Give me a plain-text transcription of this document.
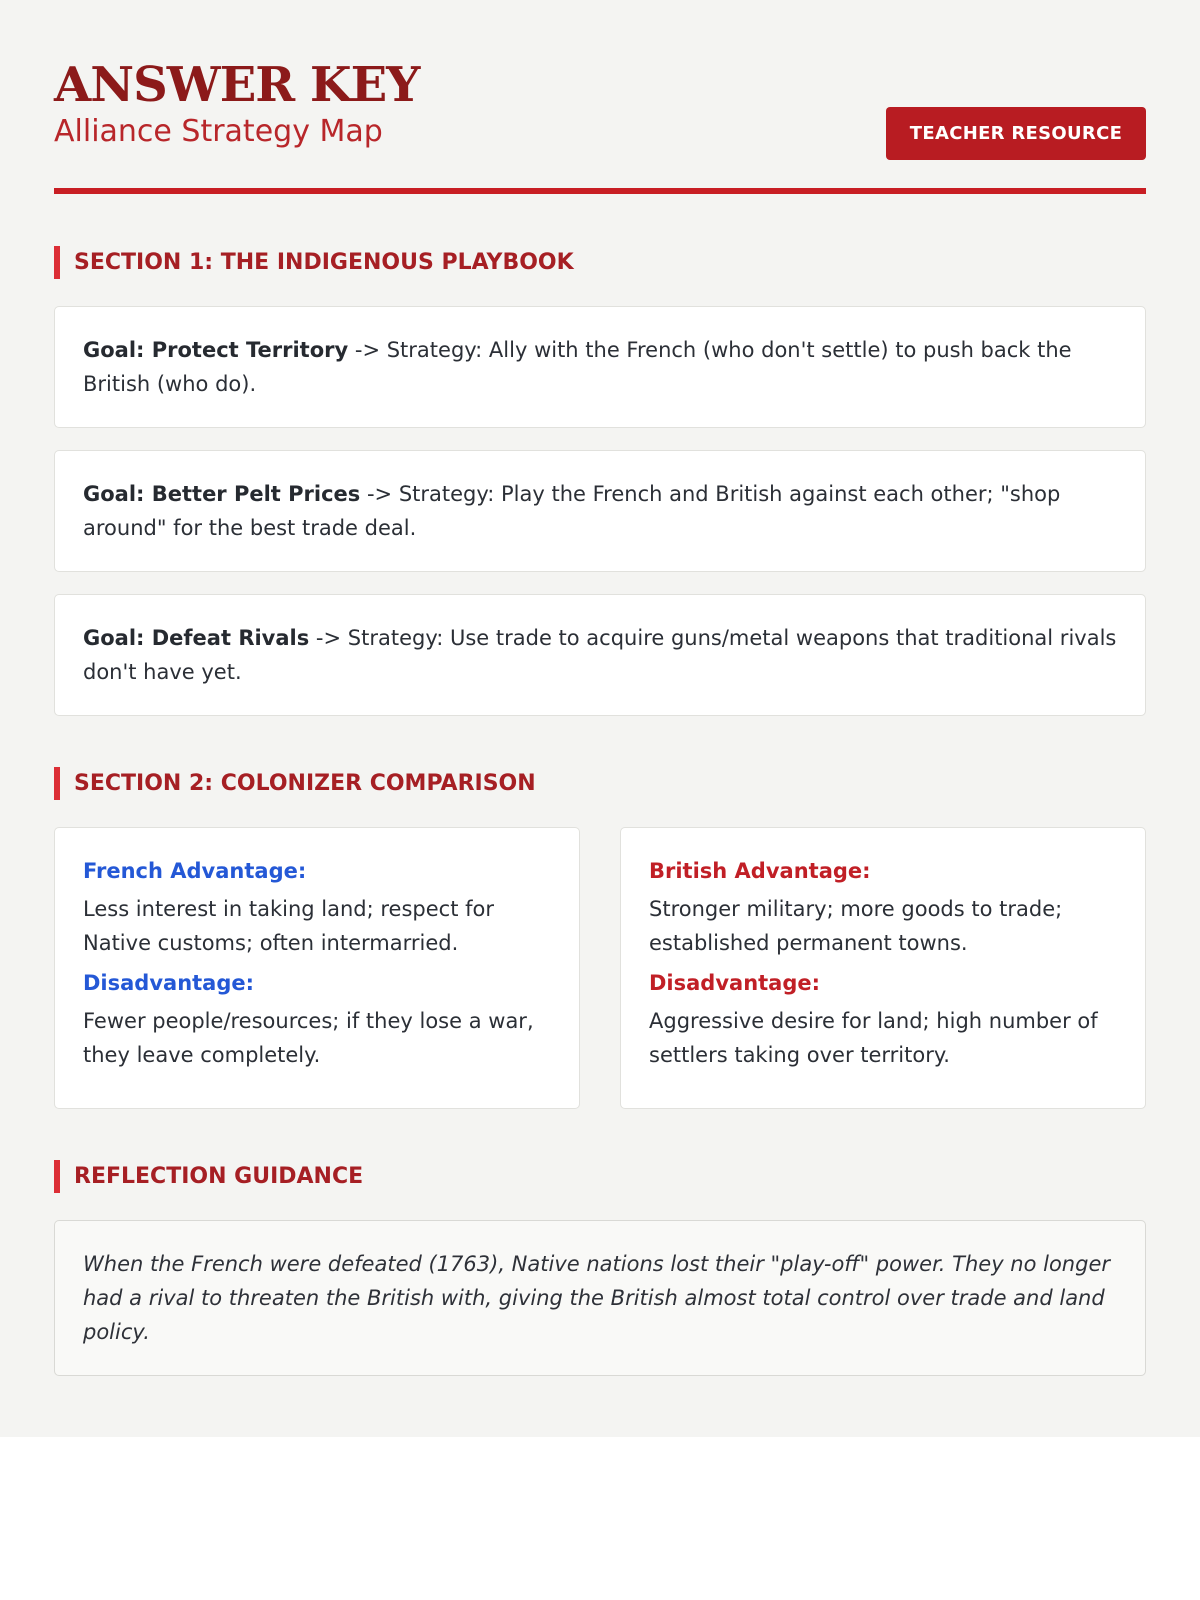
ANSWER KEY
Alliance Strategy Map	TEACHER RESOURCE
SECTION 1: THE INDIGENOUS PLAYBOOK
Goal: Protect Territory -> Strategy: Ally with the French (who don't settle) to push back the British (who do).
Goal: Better Pelt Prices -> Strategy: Play the French and British against each other; "shop around" for the best trade deal.
Goal: Defeat Rivals -> Strategy: Use trade to acquire guns/metal weapons that traditional rivals don't have yet.
SECTION 2: COLONIZER COMPARISON
French Advantage:
Less interest in taking land; respect for Native customs; often intermarried.
Disadvantage:
Fewer people/resources; if they lose a war, they leave completely.
British Advantage:
Stronger military; more goods to trade; established permanent towns.
Disadvantage:
Aggressive desire for land; high number of settlers taking over territory.
REFLECTION GUIDANCE
When the French were defeated (1763), Native nations lost their "play-off" power. They no longer had a rival to threaten the British with, giving the British almost total control over trade and land policy.
